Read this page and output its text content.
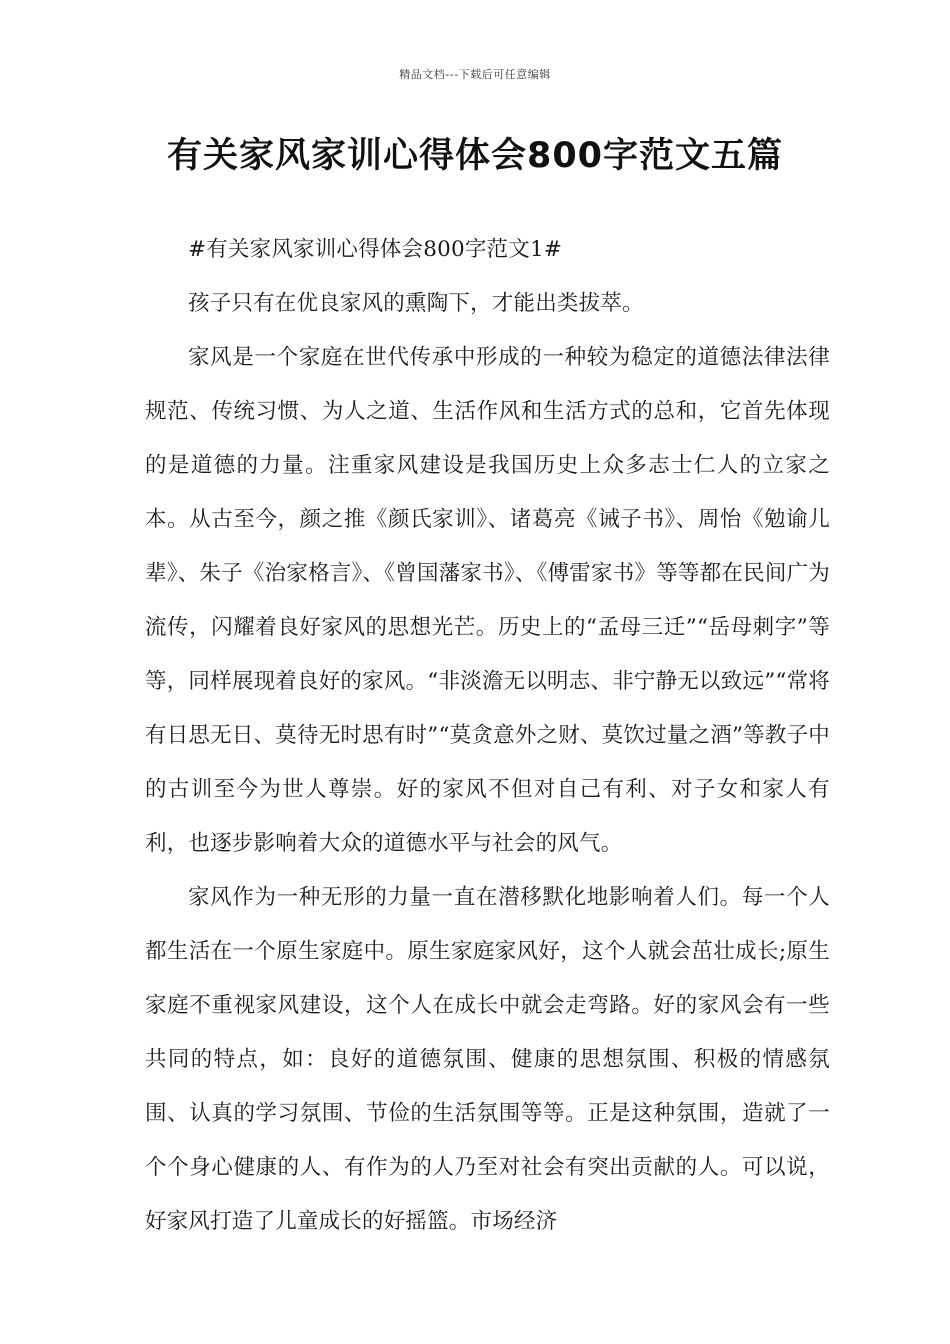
精品文档---下载后可任意编辑
有关家风家训心得体会800字范文五篇

#有关家风家训心得体会800字范文1#

孩子只有在优良家风的熏陶下，才能出类拔萃。

家风是一个家庭在世代传承中形成的一种较为稳定的道德法律法律规范、传统习惯、为人之道、生活作风和生活方式的总和，它首先体现的是道德的力量。注重家风建设是我国历史上众多志士仁人的立家之本。从古至今，颜之推《颜氏家训》、诸葛亮《诫子书》、周怡《勉谕儿辈》、朱子《治家格言》、《曾国藩家书》、《傅雷家书》等等都在民间广为流传，闪耀着良好家风的思想光芒。历史上的“孟母三迁”“岳母刺字”等等，同样展现着良好的家风。“非淡澹无以明志、非宁静无以致远”“常将有日思无日、莫待无时思有时”“莫贪意外之财、莫饮过量之酒”等教子中的古训至今为世人尊崇。好的家风不但对自己有利、对子女和家人有利，也逐步影响着大众的道德水平与社会的风气。

家风作为一种无形的力量一直在潜移默化地影响着人们。每一个人都生活在一个原生家庭中。原生家庭家风好，这个人就会茁壮成长;原生家庭不重视家风建设，这个人在成长中就会走弯路。好的家风会有一些共同的特点，如：良好的道德氛围、健康的思想氛围、积极的情感氛围、认真的学习氛围、节俭的生活氛围等等。正是这种氛围，造就了一个个身心健康的人、有作为的人乃至对社会有突出贡献的人。可以说，好家风打造了儿童成长的好摇篮。市场经济
